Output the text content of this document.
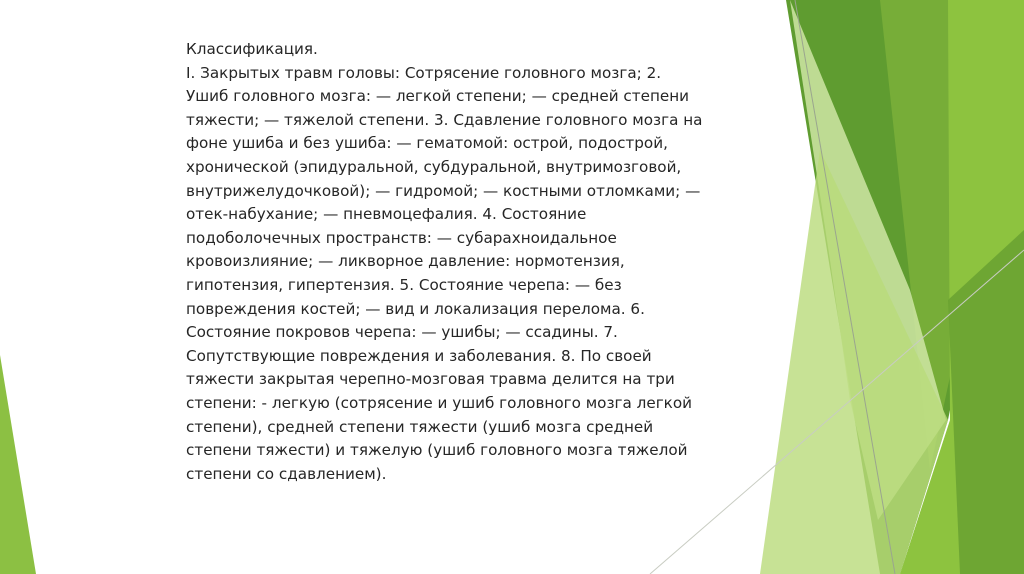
Классификация.

I. Закрытых травм головы: Сотрясение головного мозга; 2. Ушиб головного мозга: — легкой степени; — средней степени тяжести; — тяжелой степени. 3. Сдавление головного мозга на фоне ушиба и без ушиба: — гематомой: острой, подострой, хронической (эпидуральной, субдуральной, внутримозговой, внутрижелудочковой); — гидромой; — костными отломками; — отек-набухание; — пневмоцефалия. 4. Состояние подоболочечных пространств: — субарахноидальное кровоизлияние; — ликворное давление: нормотензия, гипотензия, гипертензия. 5. Состояние черепа: — без повреждения костей; — вид и локализация перелома. 6. Состояние покровов черепа: — ушибы; — ссадины. 7. Сопутствующие повреждения и заболевания. 8. По своей тяжести закрытая черепно-мозговая травма делится на три степени: - легкую (сотрясение и ушиб головного мозга легкой степени), средней степени тяжести (ушиб мозга средней степени тяжести) и тяжелую (ушиб головного мозга тяжелой степени со сдавлением).
